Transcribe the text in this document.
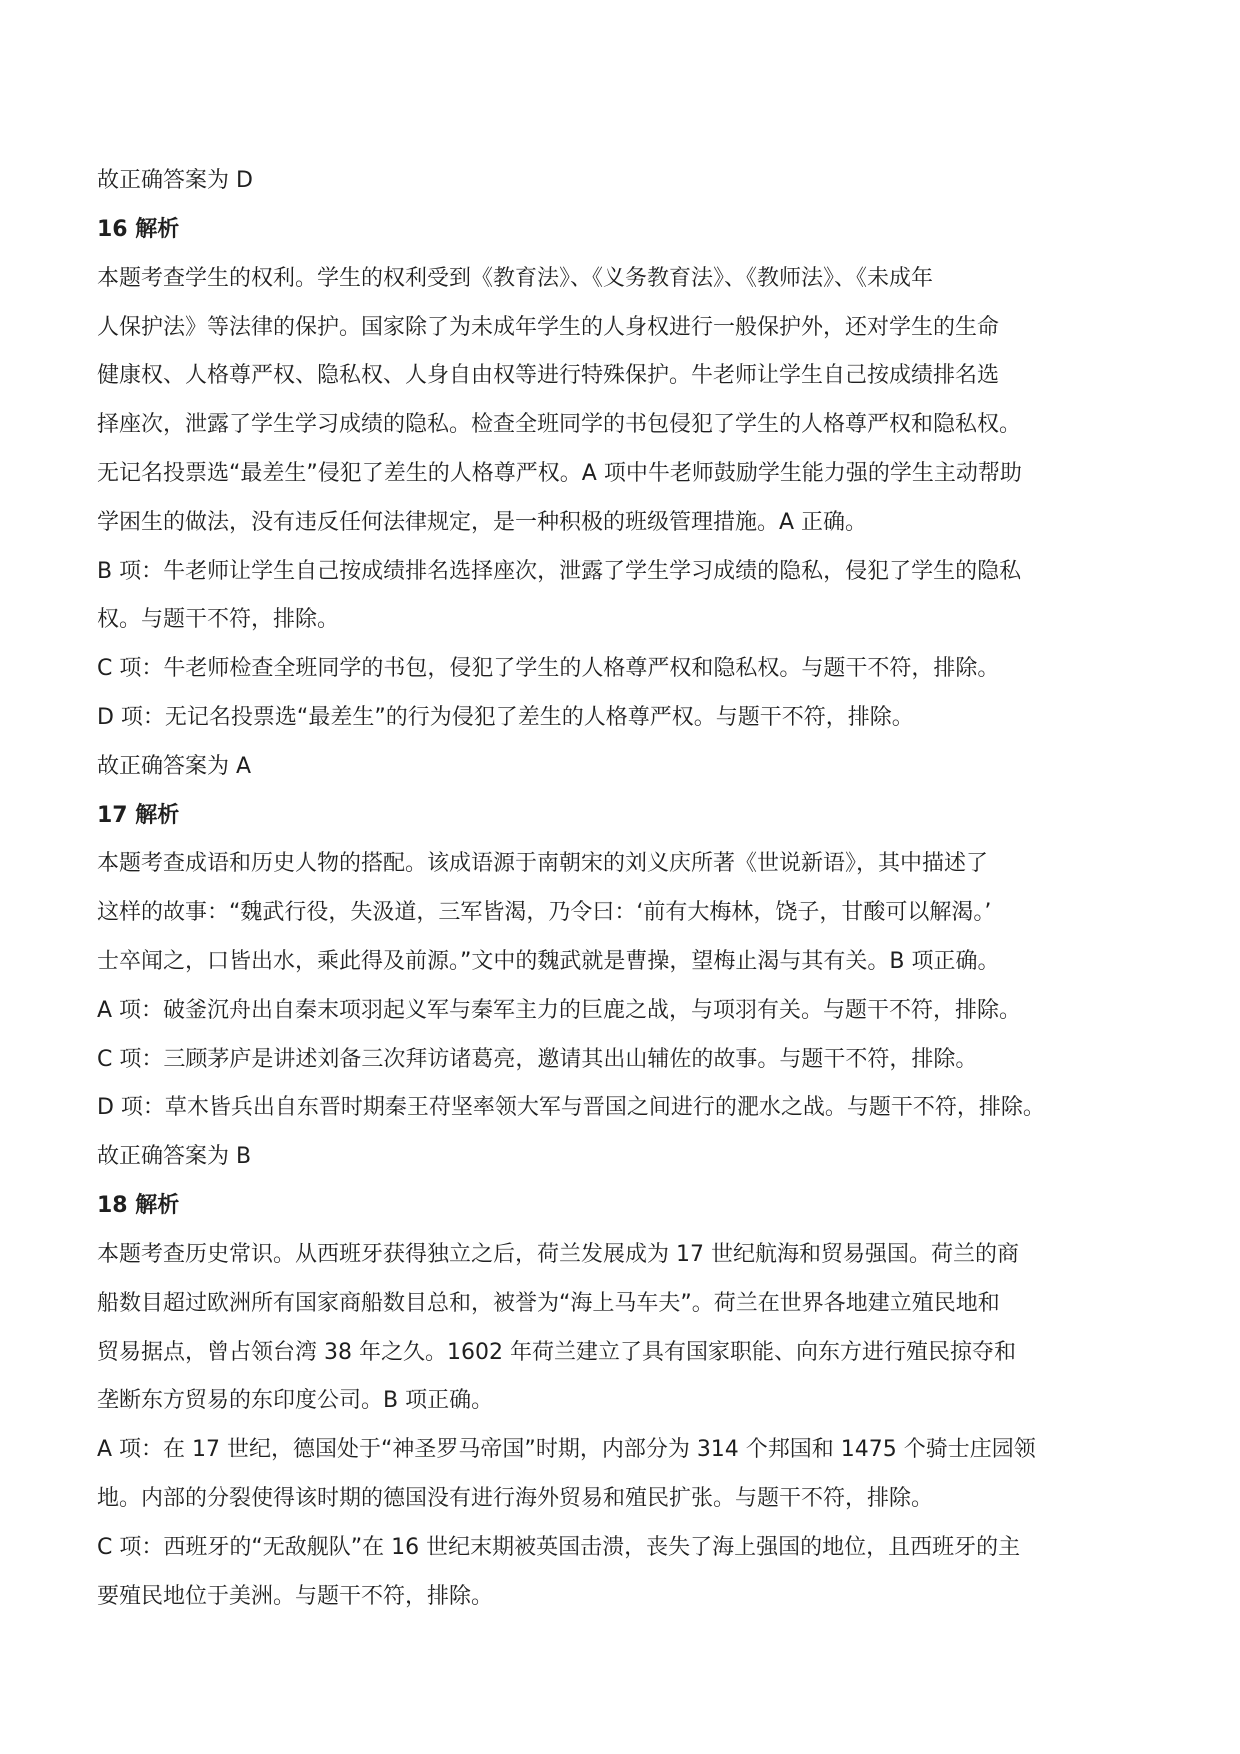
故正确答案为 D

16 解析

本题考查学生的权利。学生的权利受到《教育法》、《义务教育法》、《教师法》、《未成年

人保护法》等法律的保护。国家除了为未成年学生的人身权进行一般保护外，还对学生的生命

健康权、人格尊严权、隐私权、人身自由权等进行特殊保护。牛老师让学生自己按成绩排名选

择座次，泄露了学生学习成绩的隐私。检查全班同学的书包侵犯了学生的人格尊严权和隐私权。

无记名投票选“最差生”侵犯了差生的人格尊严权。A 项中牛老师鼓励学生能力强的学生主动帮助

学困生的做法，没有违反任何法律规定，是一种积极的班级管理措施。A 正确。

B 项：牛老师让学生自己按成绩排名选择座次，泄露了学生学习成绩的隐私，侵犯了学生的隐私

权。与题干不符，排除。

C 项：牛老师检查全班同学的书包，侵犯了学生的人格尊严权和隐私权。与题干不符，排除。

D 项：无记名投票选“最差生”的行为侵犯了差生的人格尊严权。与题干不符，排除。

故正确答案为 A

17 解析

本题考查成语和历史人物的搭配。该成语源于南朝宋的刘义庆所著《世说新语》，其中描述了

这样的故事：“魏武行役，失汲道，三军皆渴，乃令曰：‘前有大梅林，饶子，甘酸可以解渴。’

士卒闻之，口皆出水，乘此得及前源。”文中的魏武就是曹操，望梅止渴与其有关。B 项正确。

A 项：破釜沉舟出自秦末项羽起义军与秦军主力的巨鹿之战，与项羽有关。与题干不符，排除。

C 项：三顾茅庐是讲述刘备三次拜访诸葛亮，邀请其出山辅佐的故事。与题干不符，排除。

D 项：草木皆兵出自东晋时期秦王苻坚率领大军与晋国之间进行的淝水之战。与题干不符，排除。

故正确答案为 B

18 解析

本题考查历史常识。从西班牙获得独立之后，荷兰发展成为 17 世纪航海和贸易强国。荷兰的商

船数目超过欧洲所有国家商船数目总和，被誉为“海上马车夫”。荷兰在世界各地建立殖民地和

贸易据点，曾占领台湾 38 年之久。1602 年荷兰建立了具有国家职能、向东方进行殖民掠夺和

垄断东方贸易的东印度公司。B 项正确。

A 项：在 17 世纪，德国处于“神圣罗马帝国”时期，内部分为 314 个邦国和 1475 个骑士庄园领

地。内部的分裂使得该时期的德国没有进行海外贸易和殖民扩张。与题干不符，排除。

C 项：西班牙的“无敌舰队”在 16 世纪末期被英国击溃，丧失了海上强国的地位，且西班牙的主

要殖民地位于美洲。与题干不符，排除。
